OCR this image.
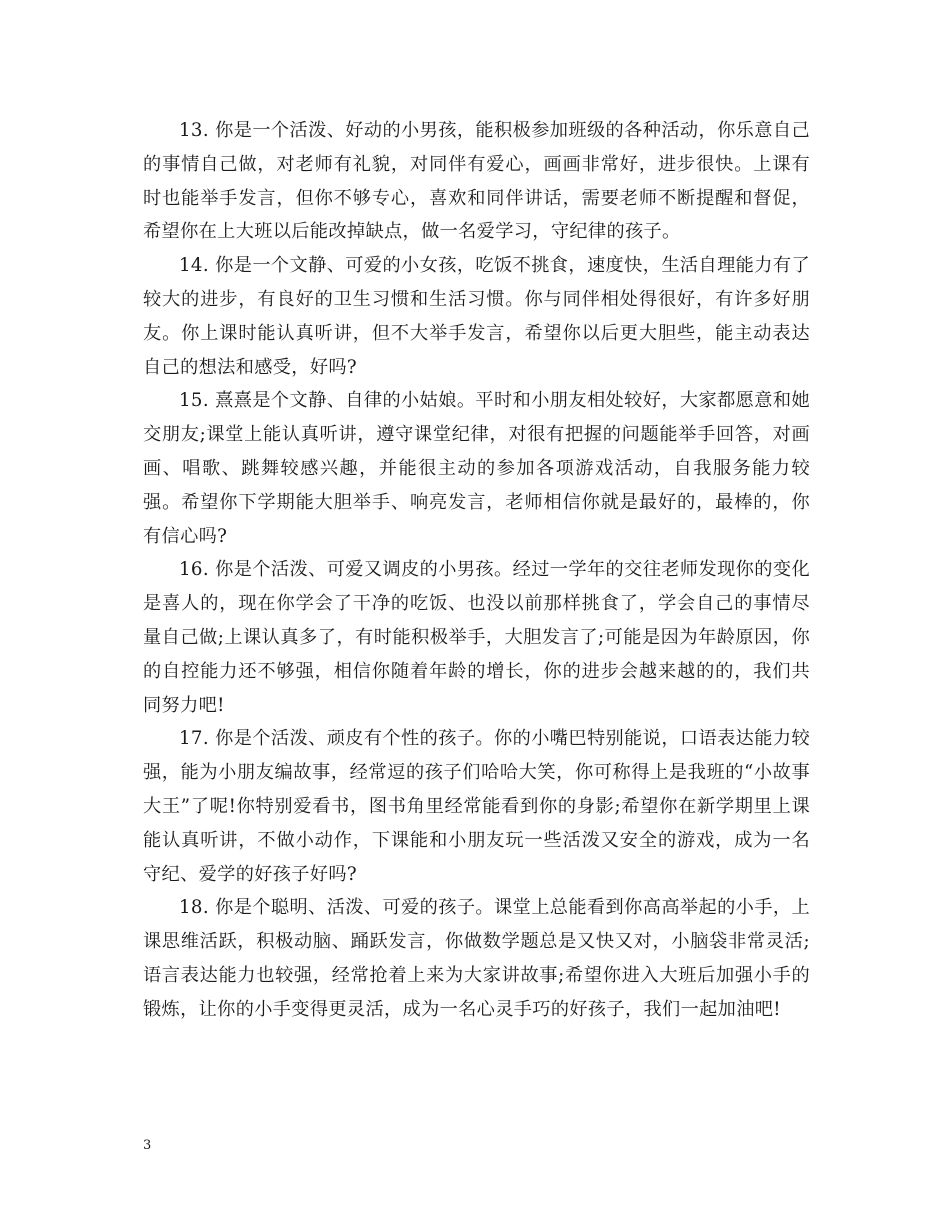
13. 你是一个活泼、好动的小男孩，能积极参加班级的各种活动，你乐意自己的事情自己做，对老师有礼貌，对同伴有爱心，画画非常好，进步很快。上课有时也能举手发言，但你不够专心，喜欢和同伴讲话，需要老师不断提醒和督促，希望你在上大班以后能改掉缺点，做一名爱学习，守纪律的孩子。

14. 你是一个文静、可爱的小女孩，吃饭不挑食，速度快，生活自理能力有了较大的进步，有良好的卫生习惯和生活习惯。你与同伴相处得很好，有许多好朋友。你上课时能认真听讲，但不大举手发言，希望你以后更大胆些，能主动表达自己的想法和感受，好吗?

15. 熹熹是个文静、自律的小姑娘。平时和小朋友相处较好，大家都愿意和她交朋友;课堂上能认真听讲，遵守课堂纪律，对很有把握的问题能举手回答，对画画、唱歌、跳舞较感兴趣，并能很主动的参加各项游戏活动，自我服务能力较强。希望你下学期能大胆举手、响亮发言，老师相信你就是最好的，最棒的，你有信心吗?

16. 你是个活泼、可爱又调皮的小男孩。经过一学年的交往老师发现你的变化是喜人的，现在你学会了干净的吃饭、也没以前那样挑食了，学会自己的事情尽量自己做;上课认真多了，有时能积极举手，大胆发言了;可能是因为年龄原因，你的自控能力还不够强，相信你随着年龄的增长，你的进步会越来越的的，我们共同努力吧!

17. 你是个活泼、顽皮有个性的孩子。你的小嘴巴特别能说，口语表达能力较强，能为小朋友编故事，经常逗的孩子们哈哈大笑，你可称得上是我班的“小故事大王”了呢!你特别爱看书，图书角里经常能看到你的身影;希望你在新学期里上课能认真听讲，不做小动作，下课能和小朋友玩一些活泼又安全的游戏，成为一名守纪、爱学的好孩子好吗?

18. 你是个聪明、活泼、可爱的孩子。课堂上总能看到你高高举起的小手，上课思维活跃，积极动脑、踊跃发言，你做数学题总是又快又对，小脑袋非常灵活;语言表达能力也较强，经常抢着上来为大家讲故事;希望你进入大班后加强小手的锻炼，让你的小手变得更灵活，成为一名心灵手巧的好孩子，我们一起加油吧!

3
